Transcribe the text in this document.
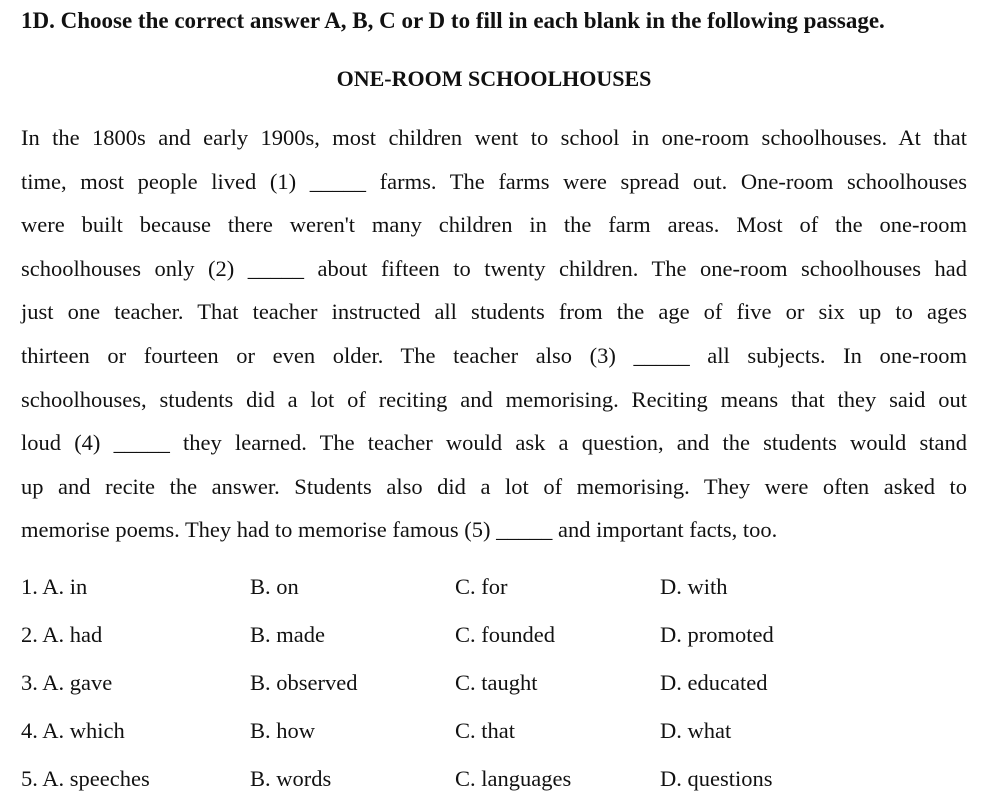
1D. Choose the correct answer A, B, C or D to fill in each blank in the following passage.
ONE-ROOM SCHOOLHOUSES
In the 1800s and early 1900s, most children went to school in one-room schoolhouses. At that
time, most people lived (1) _____ farms. The farms were spread out. One-room schoolhouses
were built because there weren't many children in the farm areas. Most of the one-room
schoolhouses only (2) _____ about fifteen to twenty children. The one-room schoolhouses had
just one teacher. That teacher instructed all students from the age of five or six up to ages
thirteen or fourteen or even older. The teacher also (3) _____ all subjects. In one-room
schoolhouses, students did a lot of reciting and memorising. Reciting means that they said out
loud (4) _____ they learned. The teacher would ask a question, and the students would stand
up and recite the answer. Students also did a lot of memorising. They were often asked to
memorise poems. They had to memorise famous (5) _____ and important facts, too.
1. A. in	B. on	C. for	D. with
2. A. had	B. made	C. founded	D. promoted
3. A. gave	B. observed	C. taught	D. educated
4. A. which	B. how	C. that	D. what
5. A. speeches	B. words	C. languages	D. questions
